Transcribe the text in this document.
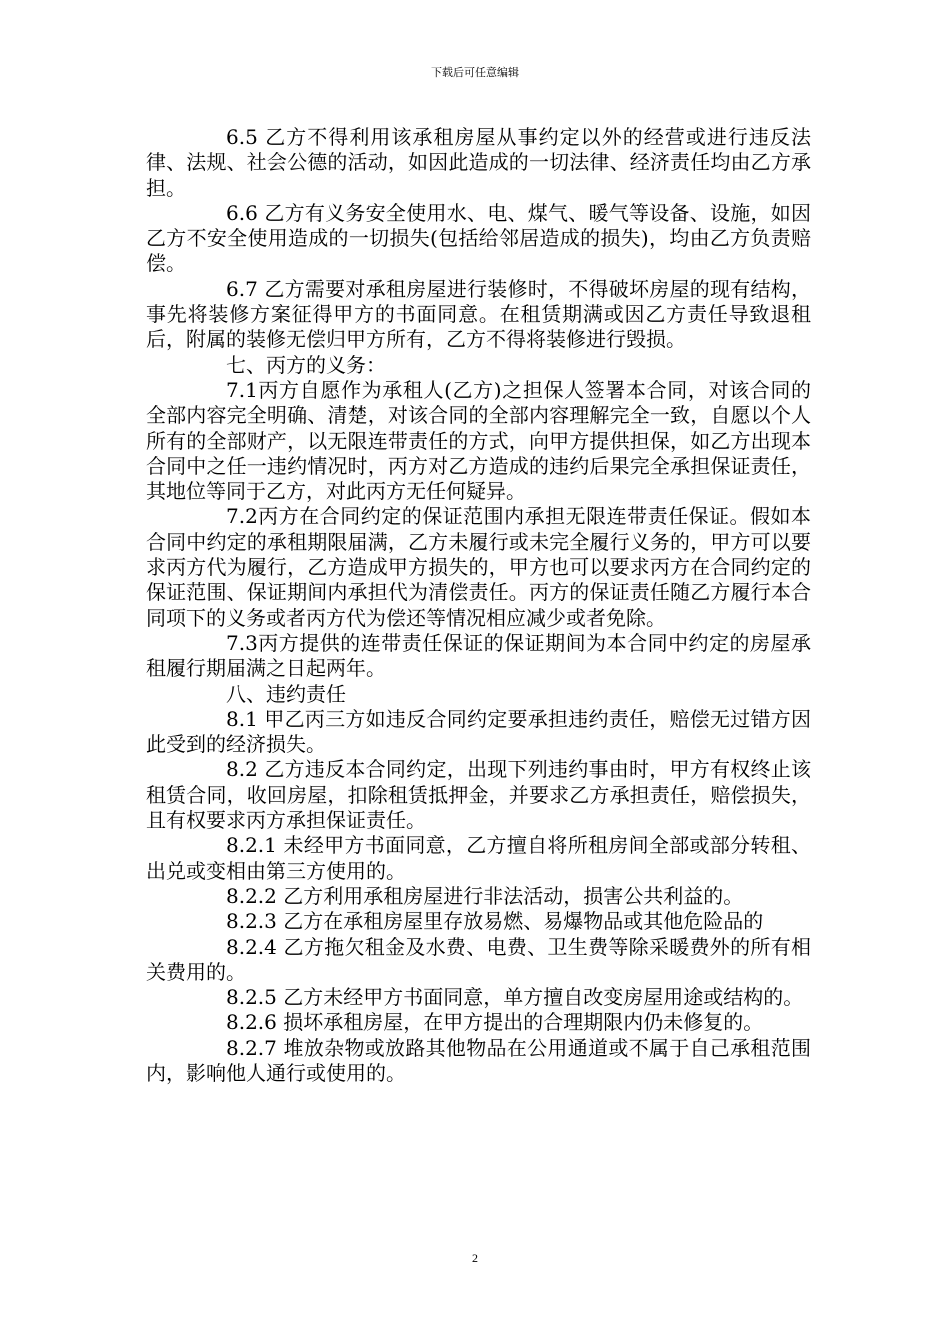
下载后可任意编辑

6.5 乙方不得利用该承租房屋从事约定以外的经营或进行违反法律、法规、社会公德的活动，如因此造成的一切法律、经济责任均由乙方承担。

6.6 乙方有义务安全使用水、电、煤气、暖气等设备、设施，如因乙方不安全使用造成的一切损失(包括给邻居造成的损失)，均由乙方负责赔偿。

6.7 乙方需要对承租房屋进行装修时，不得破坏房屋的现有结构，事先将装修方案征得甲方的书面同意。在租赁期满或因乙方责任导致退租后，附属的装修无偿归甲方所有，乙方不得将装修进行毁损。

七、丙方的义务：

7.1丙方自愿作为承租人(乙方)之担保人签署本合同，对该合同的全部内容完全明确、清楚，对该合同的全部内容理解完全一致，自愿以个人所有的全部财产，以无限连带责任的方式，向甲方提供担保，如乙方出现本合同中之任一违约情况时，丙方对乙方造成的违约后果完全承担保证责任，其地位等同于乙方，对此丙方无任何疑异。

7.2丙方在合同约定的保证范围内承担无限连带责任保证。假如本合同中约定的承租期限届满，乙方未履行或未完全履行义务的，甲方可以要求丙方代为履行，乙方造成甲方损失的，甲方也可以要求丙方在合同约定的保证范围、保证期间内承担代为清偿责任。丙方的保证责任随乙方履行本合同项下的义务或者丙方代为偿还等情况相应减少或者免除。

7.3丙方提供的连带责任保证的保证期间为本合同中约定的房屋承租履行期届满之日起两年。

八、违约责任

8.1 甲乙丙三方如违反合同约定要承担违约责任，赔偿无过错方因此受到的经济损失。

8.2 乙方违反本合同约定，出现下列违约事由时，甲方有权终止该租赁合同，收回房屋，扣除租赁抵押金，并要求乙方承担责任，赔偿损失，且有权要求丙方承担保证责任。

8.2.1 未经甲方书面同意，乙方擅自将所租房间全部或部分转租、出兑或变相由第三方使用的。

8.2.2 乙方利用承租房屋进行非法活动，损害公共利益的。

8.2.3 乙方在承租房屋里存放易燃、易爆物品或其他危险品的

8.2.4 乙方拖欠租金及水费、电费、卫生费等除采暖费外的所有相关费用的。

8.2.5 乙方未经甲方书面同意，单方擅自改变房屋用途或结构的。

8.2.6 损坏承租房屋，在甲方提出的合理期限内仍未修复的。

8.2.7 堆放杂物或放路其他物品在公用通道或不属于自己承租范围内，影响他人通行或使用的。

2
